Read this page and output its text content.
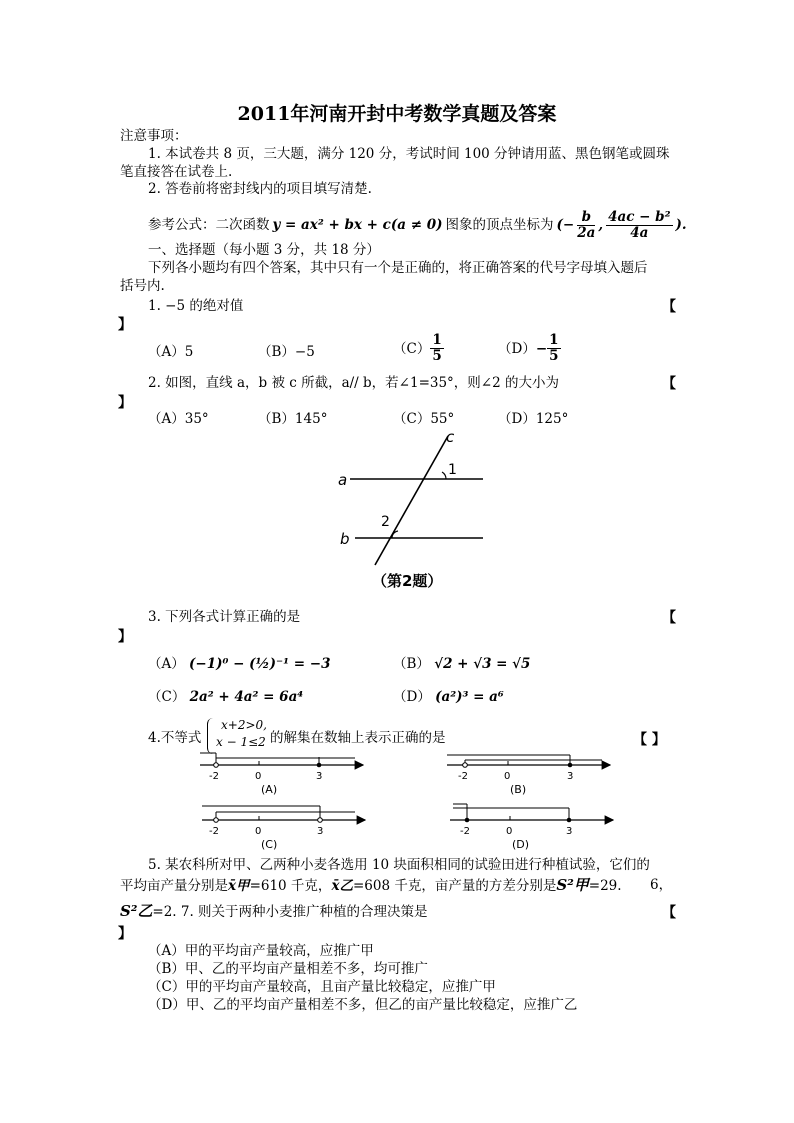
2011年河南开封中考数学真题及答案
注意事项：
1. 本试卷共 8 页，三大题，满分 120 分，考试时间 100 分钟请用蓝、黑色钢笔或圆珠
笔直接答在试卷上.
2. 答卷前将密封线内的项目填写清楚.
参考公式：二次函数 y = ax² + bx + c(a ≠ 0) 图象的顶点坐标为 (− $\frac{b}{2a}$ , $\frac{\text{4ac − b²}}{4a}$ ).
一、选择题（每小题 3 分，共 18 分）
下列各小题均有四个答案，其中只有一个是正确的，将正确答案的代号字母填入题后
括号内.
1. −5 的绝对值	【
】
（A）5	（B）−5	$(C) \frac{1}{5}$	$(D) - \frac{1}{5}$
2. 如图，直线 a，b 被 c 所截，a// b，若∠1=35°，则∠2 的大小为	【
】
（A）35°	（B）145°	（C）55°	（D）125°
a
b
c
1
2
（第2题）
3. 下列各式计算正确的是	【
】
（A） (−1)⁰ − (½)⁻¹ = −3	（B） √2 + √3 = √5
（C） 2a² + 4a² = 6a⁴	（D） (a²)³ = a⁶
4.不等式
x+2>0,
x − 1≤2 的解集在数轴上表示正确的是	【 】
-2	0	3
(A)
-2	0	3
(B)
-2	0	3
(C)
-2	0	3
(D)
5. 某农科所对甲、乙两种小麦各选用 10 块面积相同的试验田进行种植试验，它们的
平均亩产量分别是x̄甲=610 千克，x̄乙=608 千克，亩产量的方差分别是S²甲=29. 6，
S²乙=2. 7. 则关于两种小麦推广种植的合理决策是	【
】
（A）甲的平均亩产量较高，应推广甲
（B）甲、乙的平均亩产量相差不多，均可推广
（C）甲的平均亩产量较高，且亩产量比较稳定，应推广甲
（D）甲、乙的平均亩产量相差不多，但乙的亩产量比较稳定，应推广乙
